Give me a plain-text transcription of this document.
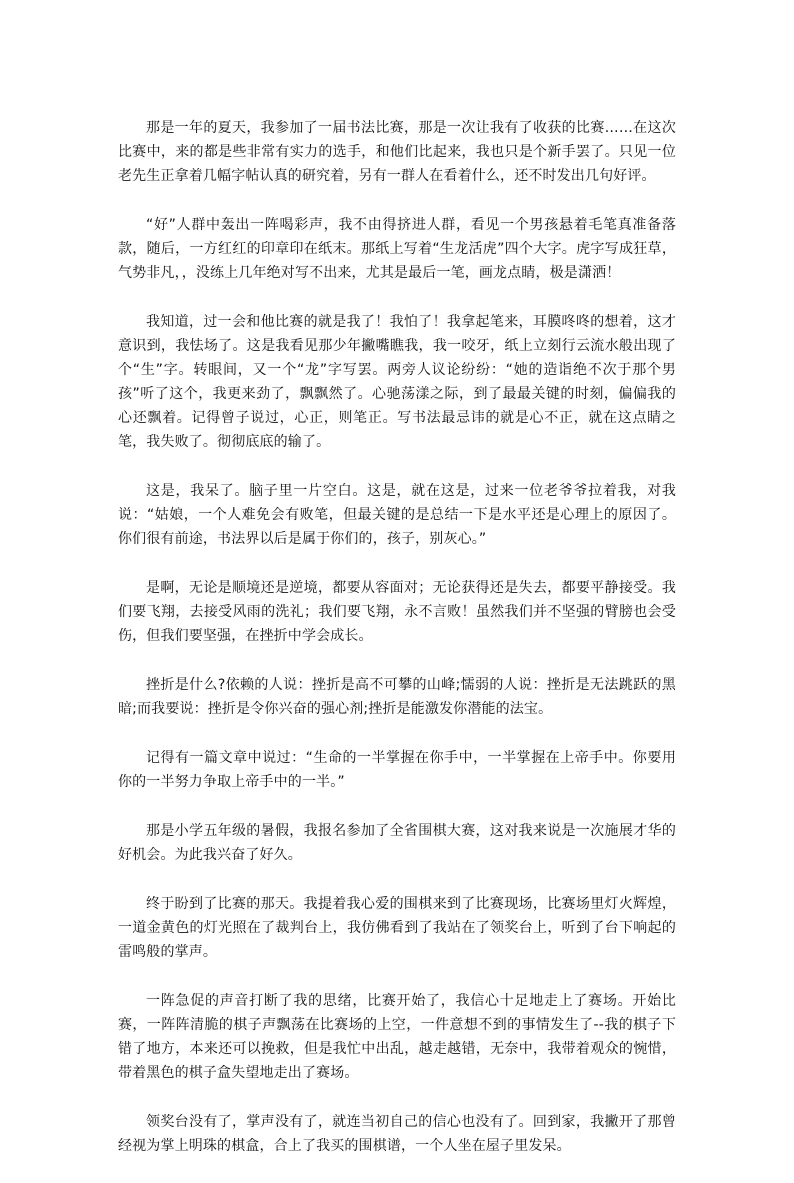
那是一年的夏天，我参加了一届书法比赛，那是一次让我有了收获的比赛……在这次比赛中，来的都是些非常有实力的选手，和他们比起来，我也只是个新手罢了。只见一位老先生正拿着几幅字帖认真的研究着，另有一群人在看着什么，还不时发出几句好评。

“好”人群中轰出一阵喝彩声，我不由得挤进人群，看见一个男孩悬着毛笔真准备落款，随后，一方红红的印章印在纸末。那纸上写着“生龙活虎”四个大字。虎字写成狂草，气势非凡，，没练上几年绝对写不出来，尤其是最后一笔，画龙点睛，极是潇洒！

我知道，过一会和他比赛的就是我了！我怕了！我拿起笔来，耳膜咚咚的想着，这才意识到，我怯场了。这是我看见那少年撇嘴瞧我，我一咬牙，纸上立刻行云流水般出现了个“生”字。转眼间，又一个“龙”字写罢。两旁人议论纷纷：“她的造诣绝不次于那个男孩”听了这个，我更来劲了，飘飘然了。心驰荡漾之际，到了最最关键的时刻，偏偏我的心还飘着。记得曾子说过，心正，则笔正。写书法最忌讳的就是心不正，就在这点睛之笔，我失败了。彻彻底底的输了。

这是，我呆了。脑子里一片空白。这是，就在这是，过来一位老爷爷拉着我，对我说：“姑娘，一个人难免会有败笔，但最关键的是总结一下是水平还是心理上的原因了。你们很有前途，书法界以后是属于你们的，孩子，别灰心。”

是啊，无论是顺境还是逆境，都要从容面对；无论获得还是失去，都要平静接受。我们要飞翔，去接受风雨的洗礼；我们要飞翔，永不言败！虽然我们并不坚强的臂膀也会受伤，但我们要坚强，在挫折中学会成长。

挫折是什么?依赖的人说：挫折是高不可攀的山峰;懦弱的人说：挫折是无法跳跃的黑暗;而我要说：挫折是令你兴奋的强心剂;挫折是能激发你潜能的法宝。

记得有一篇文章中说过：“生命的一半掌握在你手中，一半掌握在上帝手中。你要用你的一半努力争取上帝手中的一半。”

那是小学五年级的暑假，我报名参加了全省围棋大赛，这对我来说是一次施展才华的好机会。为此我兴奋了好久。

终于盼到了比赛的那天。我提着我心爱的围棋来到了比赛现场，比赛场里灯火辉煌，一道金黄色的灯光照在了裁判台上，我仿佛看到了我站在了领奖台上，听到了台下响起的雷鸣般的掌声。

一阵急促的声音打断了我的思绪，比赛开始了，我信心十足地走上了赛场。开始比赛，一阵阵清脆的棋子声飘荡在比赛场的上空，一件意想不到的事情发生了--我的棋子下错了地方，本来还可以挽救，但是我忙中出乱，越走越错，无奈中，我带着观众的惋惜，带着黑色的棋子盒失望地走出了赛场。

领奖台没有了，掌声没有了，就连当初自己的信心也没有了。回到家，我撇开了那曾经视为掌上明珠的棋盒，合上了我买的围棋谱，一个人坐在屋子里发呆。
